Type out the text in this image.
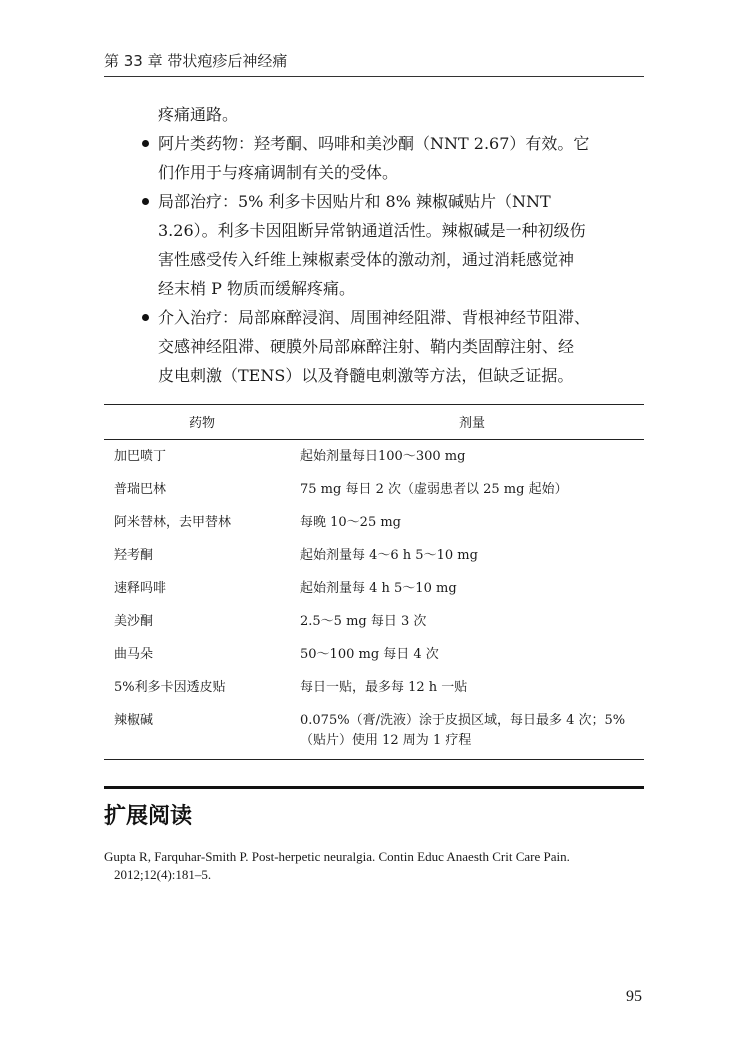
第 33 章 带状疱疹后神经痛
疼痛通路。
阿片类药物：羟考酮、吗啡和美沙酮（NNT 2.67）有效。它
们作用于与疼痛调制有关的受体。
局部治疗：5% 利多卡因贴片和 8% 辣椒碱贴片（NNT
3.26）。利多卡因阻断异常钠通道活性。辣椒碱是一种初级伤
害性感受传入纤维上辣椒素受体的激动剂，通过消耗感觉神
经末梢 P 物质而缓解疼痛。
介入治疗：局部麻醉浸润、周围神经阻滞、背根神经节阻滞、
交感神经阻滞、硬膜外局部麻醉注射、鞘内类固醇注射、经
皮电刺激（TENS）以及脊髓电刺激等方法，但缺乏证据。
药物	剂量
加巴喷丁	起始剂量每日100～300 mg
普瑞巴林	75 mg 每日 2 次（虚弱患者以 25 mg 起始）
阿米替林，去甲替林	每晚 10～25 mg
羟考酮	起始剂量每 4～6 h 5～10 mg
速释吗啡	起始剂量每 4 h 5～10 mg
美沙酮	2.5～5 mg 每日 3 次
曲马朵	50～100 mg 每日 4 次
5%利多卡因透皮贴	每日一贴，最多每 12 h 一贴
辣椒碱	0.075%（膏/洗液）涂于皮损区域，每日最多 4 次；5%（贴片）使用 12 周为 1 疗程
扩展阅读
Gupta R, Farquhar-Smith P. Post-herpetic neuralgia. Contin Educ Anaesth Crit Care Pain.
2012;12(4):181–5.
95
